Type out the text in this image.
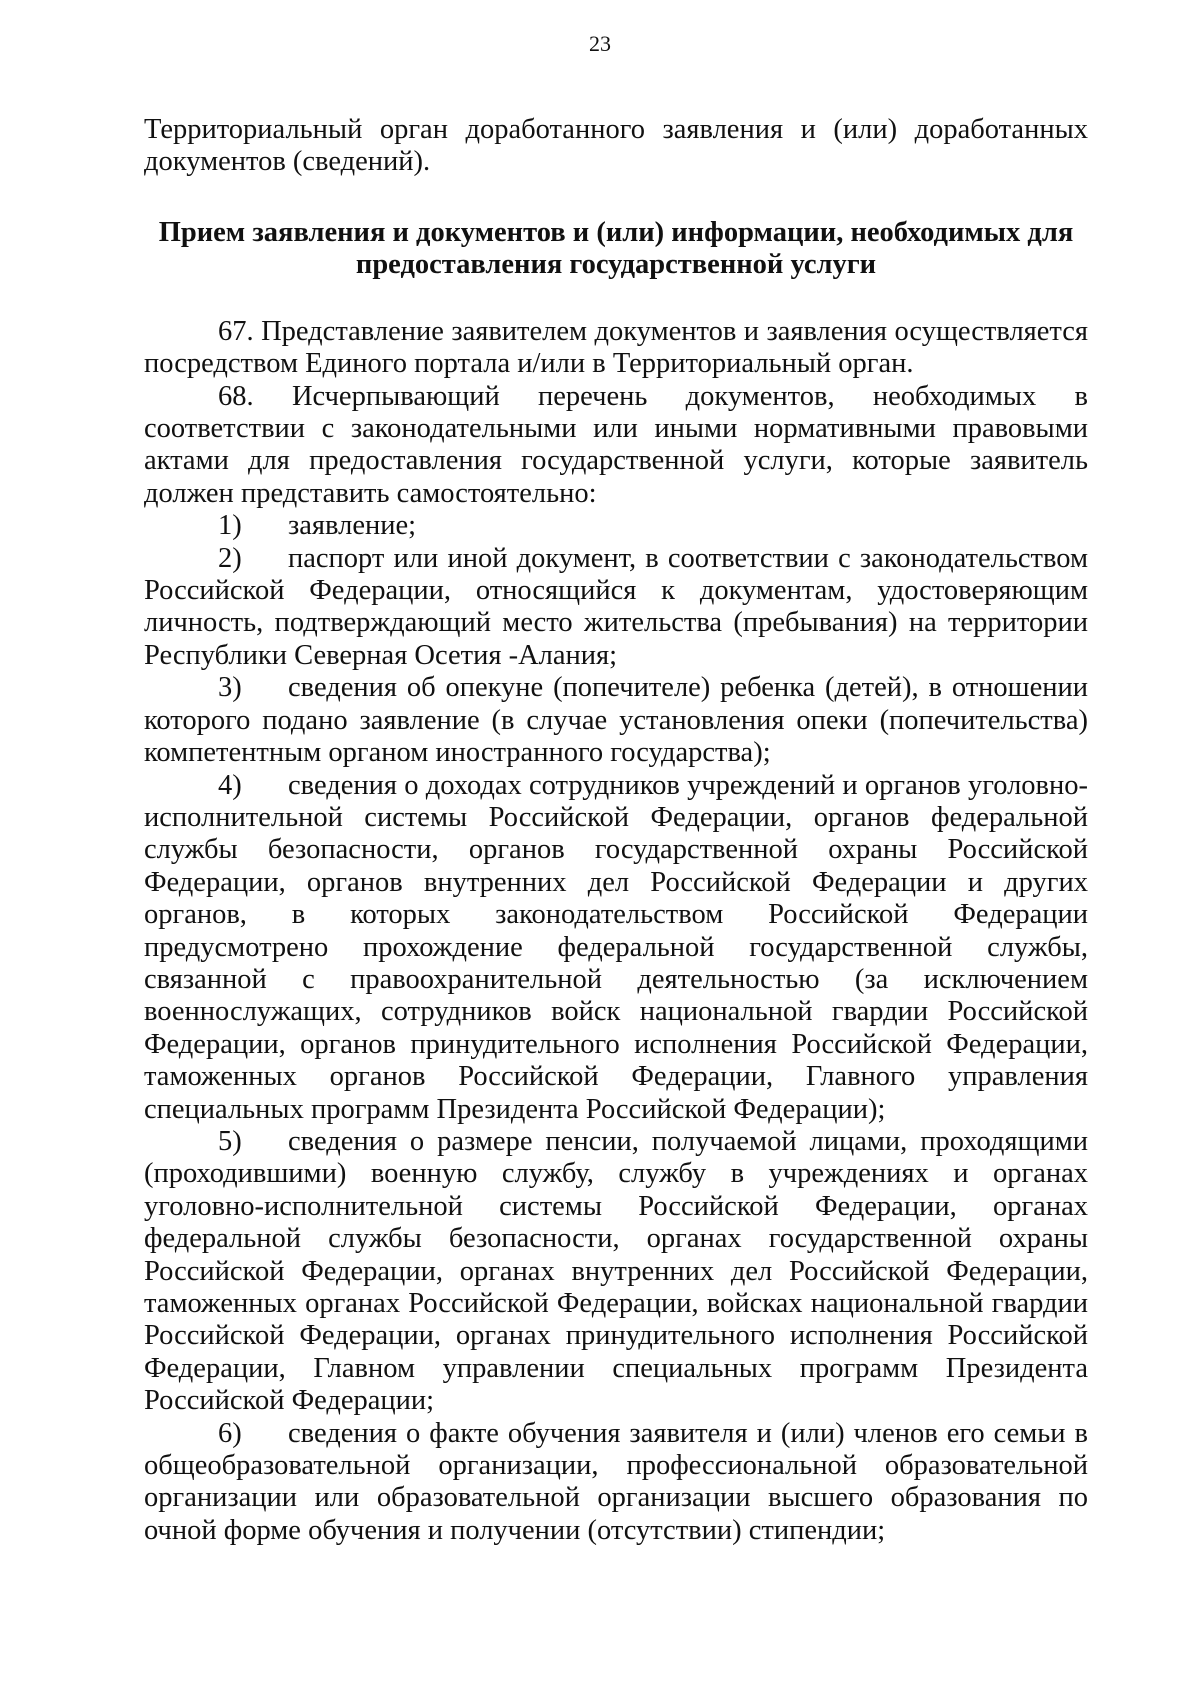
23

Территориальный орган доработанного заявления и (или) доработанных документов (сведений).

Прием заявления и документов и (или) информации, необходимых для
предоставления государственной услуги

67. Представление заявителем документов и заявления осуществляется посредством Единого портала и/или в Территориальный орган.

68. Исчерпывающий перечень документов, необходимых в соответствии с законодательными или иными нормативными правовыми актами для предоставления государственной услуги, которые заявитель должен представить самостоятельно:

1) заявление;

2) паспорт или иной документ, в соответствии с законодательством Российской Федерации, относящийся к документам, удостоверяющим личность, подтверждающий место жительства (пребывания) на территории Республики Северная Осетия -Алания;

3) сведения об опекуне (попечителе) ребенка (детей), в отношении которого подано заявление (в случае установления опеки (попечительства) компетентным органом иностранного государства);

4) сведения о доходах сотрудников учреждений и органов уголовно-исполнительной системы Российской Федерации, органов федеральной службы безопасности, органов государственной охраны Российской Федерации, органов внутренних дел Российской Федерации и других органов, в которых законодательством Российской Федерации предусмотрено прохождение федеральной государственной службы, связанной с правоохранительной деятельностью (за исключением военнослужащих, сотрудников войск национальной гвардии Российской Федерации, органов принудительного исполнения Российской Федерации, таможенных органов Российской Федерации, Главного управления специальных программ Президента Российской Федерации);

5) сведения о размере пенсии, получаемой лицами, проходящими (проходившими) военную службу, службу в учреждениях и органах уголовно-исполнительной системы Российской Федерации, органах федеральной службы безопасности, органах государственной охраны Российской Федерации, органах внутренних дел Российской Федерации, таможенных органах Российской Федерации, войсках национальной гвардии Российской Федерации, органах принудительного исполнения Российской Федерации, Главном управлении специальных программ Президента Российской Федерации;

6) сведения о факте обучения заявителя и (или) членов его семьи в общеобразовательной организации, профессиональной образовательной организации или образовательной организации высшего образования по очной форме обучения и получении (отсутствии) стипендии;
